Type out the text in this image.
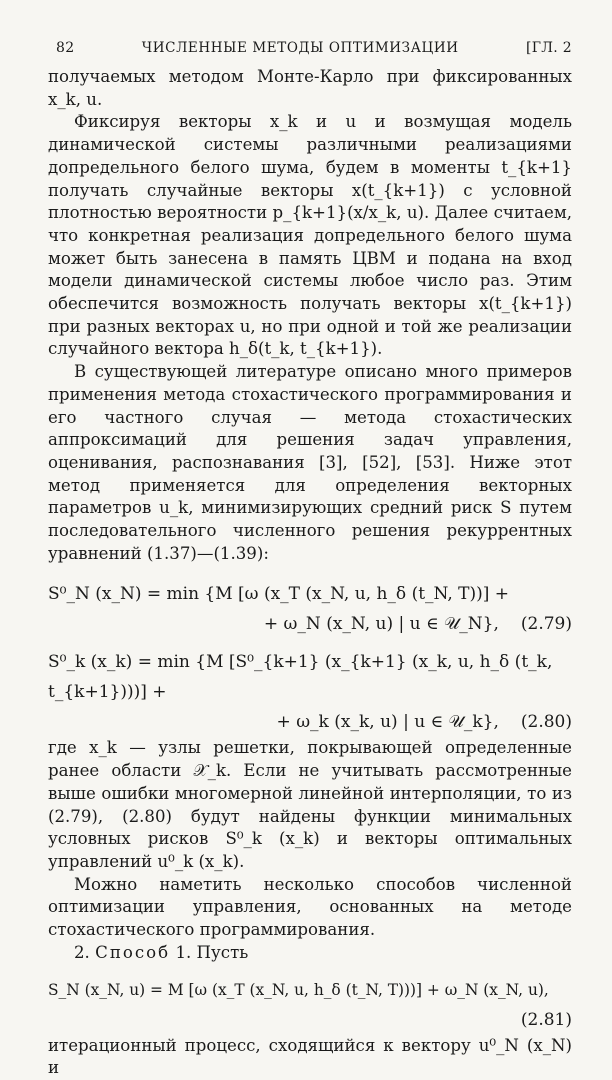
82	ЧИСЛЕННЫЕ МЕТОДЫ ОПТИМИЗАЦИИ	[ГЛ. 2

получаемых методом Монте-Карло при фиксированных x_k, u.

Фиксируя векторы x_k и u и возмущая модель динамической системы различными реализациями допредельного белого шума, будем в моменты t_{k+1} получать случайные векторы x(t_{k+1}) с условной плотностью вероятности p_{k+1}(x/x_k, u). Далее считаем, что конкретная реализация допредельного белого шума может быть занесена в память ЦВМ и подана на вход модели динамической системы любое число раз. Этим обеспечится возможность получать векторы x(t_{k+1}) при разных векторах u, но при одной и той же реализации случайного вектора h_δ(t_k, t_{k+1}).

В существующей литературе описано много примеров применения метода стохастического программирования и его частного случая — метода стохастических аппроксимаций для решения задач управления, оценивания, распознавания [3], [52], [53]. Ниже этот метод применяется для определения векторных параметров u_k, минимизирующих средний риск S путем последовательного численного решения рекуррентных уравнений (1.37)—(1.39):

S⁰_N (x_N) = min {M [ω (x_T (x_N, u, h_δ (t_N, T))] +
+ ω_N (x_N, u) | u ∈ 𝒰_N}, (2.79)
S⁰_k (x_k) = min {M [S⁰_{k+1} (x_{k+1} (x_k, u, h_δ (t_k, t_{k+1})))] +
+ ω_k (x_k, u) | u ∈ 𝒰_k}, (2.80)

где x_k — узлы решетки, покрывающей определенные ранее области 𝒳_k. Если не учитывать рассмотренные выше ошибки многомерной линейной интерполяции, то из (2.79), (2.80) будут найдены функции минимальных условных рисков S⁰_k (x_k) и векторы оптимальных управлений u⁰_k (x_k).

Можно наметить несколько способов численной оптимизации управления, основанных на методе стохастического программирования.

2. Способ 1. Пусть

S_N (x_N, u) = M [ω (x_T (x_N, u, h_δ (t_N, T)))] + ω_N (x_N, u),
(2.81)

итерационный процесс, сходящийся к вектору u⁰_N (x_N) и
